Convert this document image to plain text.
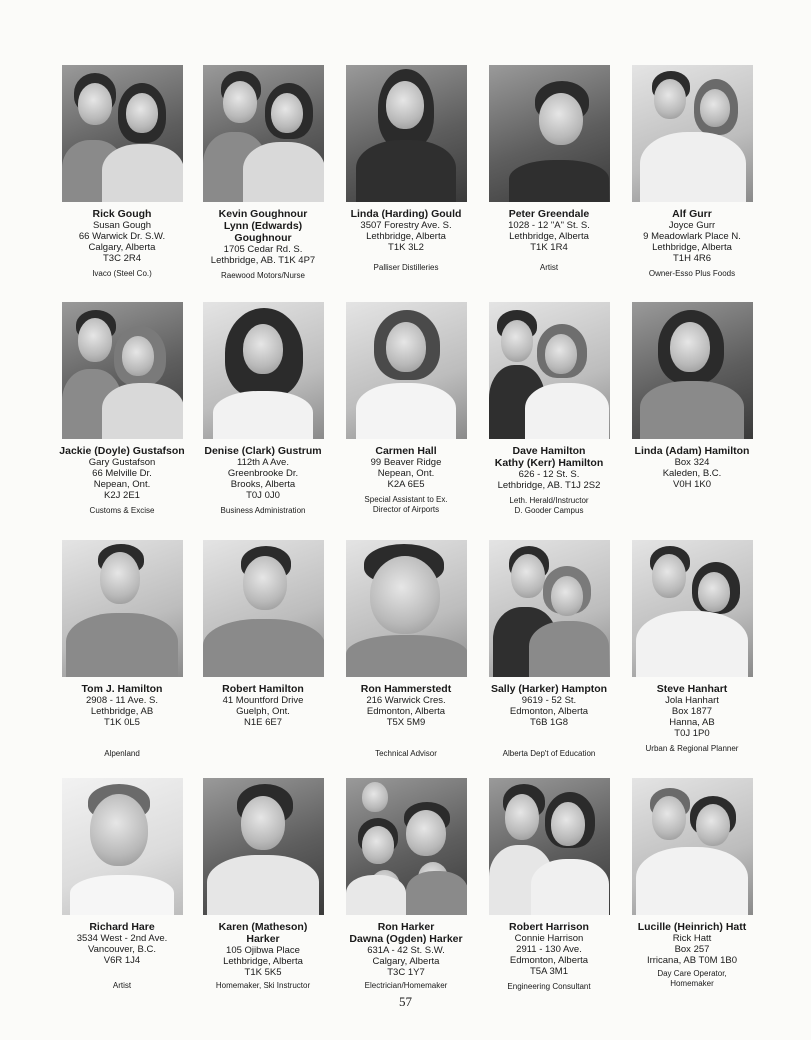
Rick Gough
Susan Gough
66 Warwick Dr. S.W.
Calgary, Alberta
T3C 2R4
Ivaco (Steel Co.)
Kevin Goughnour
Lynn (Edwards)
Goughnour
1705 Cedar Rd. S.
Lethbridge, AB. T1K 4P7
Raewood Motors/Nurse
Linda (Harding) Gould
3507 Forestry Ave. S.
Lethbridge, Alberta
T1K 3L2
Palliser Distilleries
Peter Greendale
1028 - 12 "A" St. S.
Lethbridge, Alberta
T1K 1R4
Artist
Alf Gurr
Joyce Gurr
9 Meadowlark Place N.
Lethbridge, Alberta
T1H 4R6
Owner-Esso Plus Foods
Jackie (Doyle) Gustafson
Gary Gustafson
66 Melville Dr.
Nepean, Ont.
K2J 2E1
Customs & Excise
Denise (Clark) Gustrum
112th A Ave.
Greenbrooke Dr.
Brooks, Alberta
T0J 0J0
Business Administration
Carmen Hall
99 Beaver Ridge
Nepean, Ont.
K2A 6E5
Special Assistant to Ex.
Director of Airports
Dave Hamilton
Kathy (Kerr) Hamilton
626 - 12 St. S.
Lethbridge, AB. T1J 2S2
Leth. Herald/Instructor
D. Gooder Campus
Linda (Adam) Hamilton
Box 324
Kaleden, B.C.
V0H 1K0
Tom J. Hamilton
2908 - 11 Ave. S.
Lethbridge, AB
T1K 0L5
Alpenland
Robert Hamilton
41 Mountford Drive
Guelph, Ont.
N1E 6E7
Ron Hammerstedt
216 Warwick Cres.
Edmonton, Alberta
T5X 5M9
Technical Advisor
Sally (Harker) Hampton
9619 - 52 St.
Edmonton, Alberta
T6B 1G8
Alberta Dep't of Education
Steve Hanhart
Jola Hanhart
Box 1877
Hanna, AB
T0J 1P0
Urban & Regional Planner
Richard Hare
3534 West - 2nd Ave.
Vancouver, B.C.
V6R 1J4
Artist
Karen (Matheson)
Harker
105 Ojibwa Place
Lethbridge, Alberta
T1K 5K5
Homemaker, Ski Instructor
Ron Harker
Dawna (Ogden) Harker
631A - 42 St. S.W.
Calgary, Alberta
T3C 1Y7
Electrician/Homemaker
Robert Harrison
Connie Harrison
2911 - 130 Ave.
Edmonton, Alberta
T5A 3M1
Engineering Consultant
Lucille (Heinrich) Hatt
Rick Hatt
Box 257
Irricana, AB T0M 1B0
Day Care Operator,
Homemaker
57
